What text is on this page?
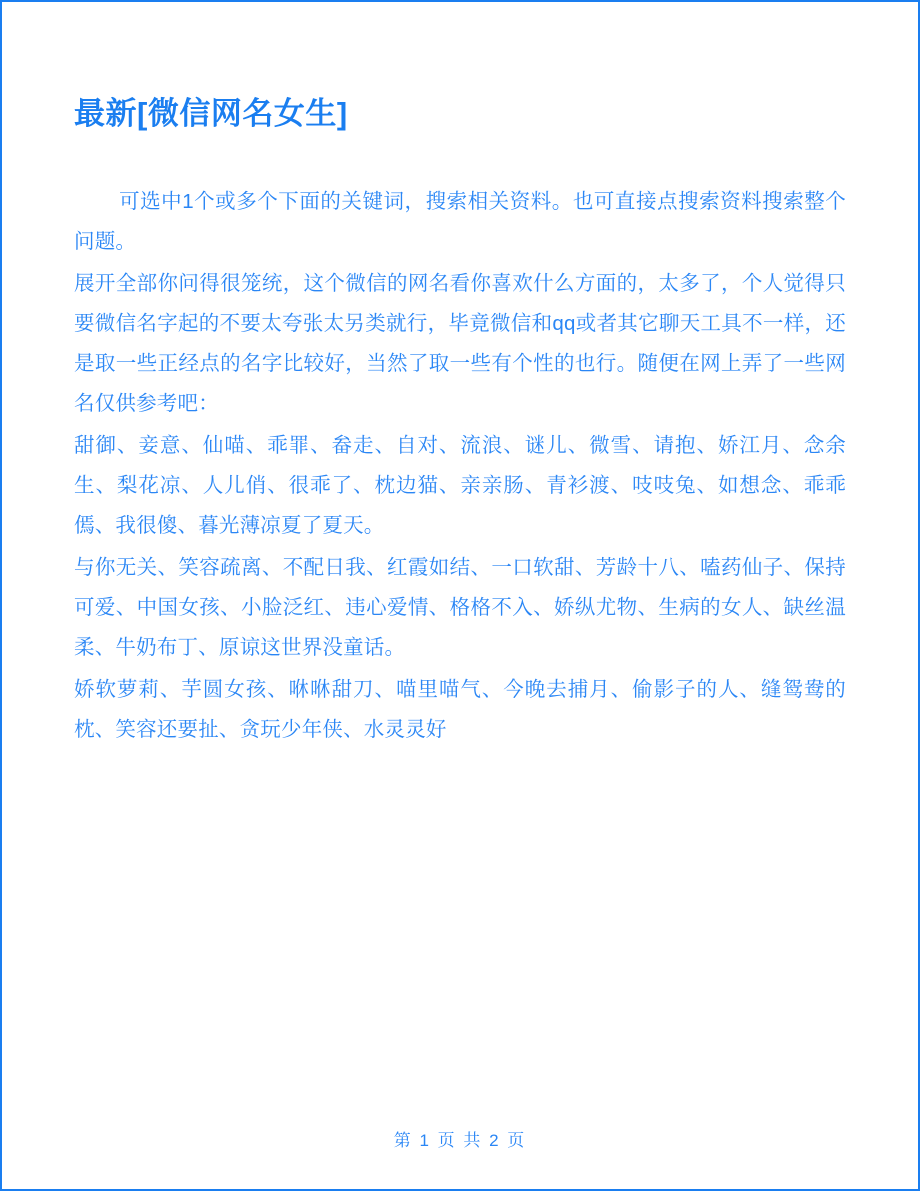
最新[微信网名女生]

可选中1个或多个下面的关键词，搜索相关资料。也可直接点搜索资料搜索整个问题。

展开全部你问得很笼统，这个微信的网名看你喜欢什么方面的，太多了，个人觉得只要微信名字起的不要太夸张太另类就行，毕竟微信和qq或者其它聊天工具不一样，还是取一些正经点的名字比较好，当然了取一些有个性的也行。随便在网上弄了一些网名仅供参考吧：

甜御、妾意、仙喵、乖罪、畚走、自对、流浪、谜儿、微雪、请抱、娇江月、念余生、梨花凉、人儿俏、很乖了、枕边猫、亲亲肠、青衫渡、吱吱兔、如想念、乖乖傿、我很傻、暮光薄凉夏了夏天。

与你无关、笑容疏离、不配日我、红霞如结、一口软甜、芳龄十八、嗑药仙子、保持可爱、中国女孩、小脸泛红、违心爱情、格格不入、娇纵尤物、生病的女人、缺丝温柔、牛奶布丁、原谅这世界没童话。

娇软萝莉、芋圆女孩、咻咻甜刀、喵里喵气、今晚去捕月、偷影子的人、缝鸳鸯的枕、笑容还要扯、贪玩少年侠、水灵灵好

第 1 页 共 2 页
